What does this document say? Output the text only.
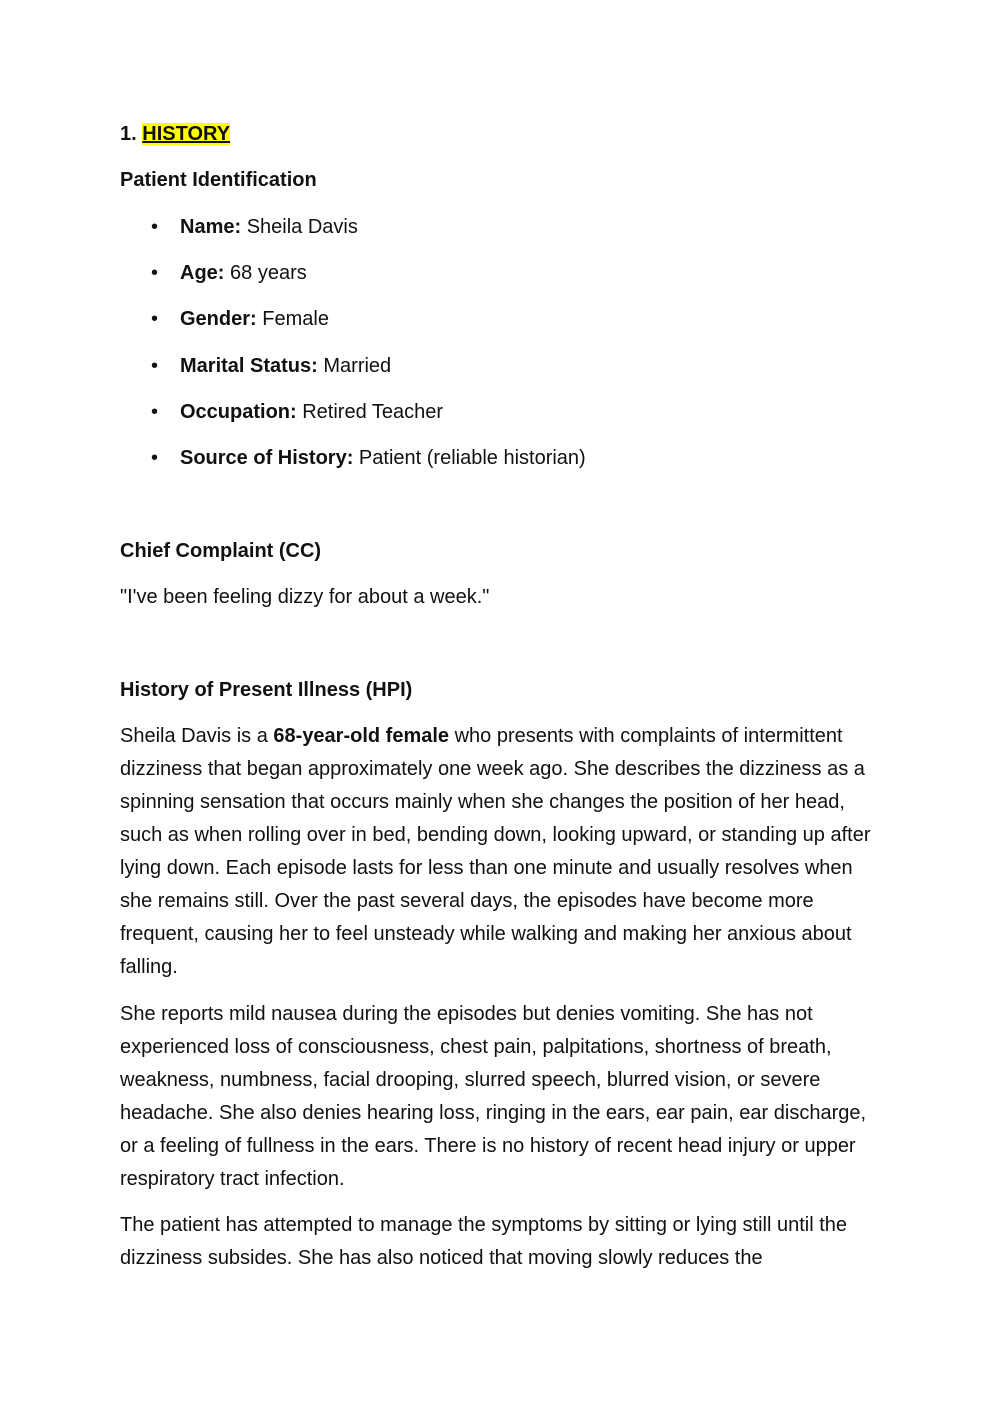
1. HISTORY
Patient Identification
• Name: Sheila Davis
• Age: 68 years
• Gender: Female
• Marital Status: Married
• Occupation: Retired Teacher
• Source of History: Patient (reliable historian)
Chief Complaint (CC)
"I've been feeling dizzy for about a week."
History of Present Illness (HPI)

Sheila Davis is a 68-year-old female who presents with complaints of intermittent dizziness that began approximately one week ago. She describes the dizziness as a spinning sensation that occurs mainly when she changes the position of her head, such as when rolling over in bed, bending down, looking upward, or standing up after lying down. Each episode lasts for less than one minute and usually resolves when she remains still. Over the past several days, the episodes have become more frequent, causing her to feel unsteady while walking and making her anxious about falling.

She reports mild nausea during the episodes but denies vomiting. She has not experienced loss of consciousness, chest pain, palpitations, shortness of breath, weakness, numbness, facial drooping, slurred speech, blurred vision, or severe headache. She also denies hearing loss, ringing in the ears, ear pain, ear discharge, or a feeling of fullness in the ears. There is no history of recent head injury or upper respiratory tract infection.

The patient has attempted to manage the symptoms by sitting or lying still until the dizziness subsides. She has also noticed that moving slowly reduces the
